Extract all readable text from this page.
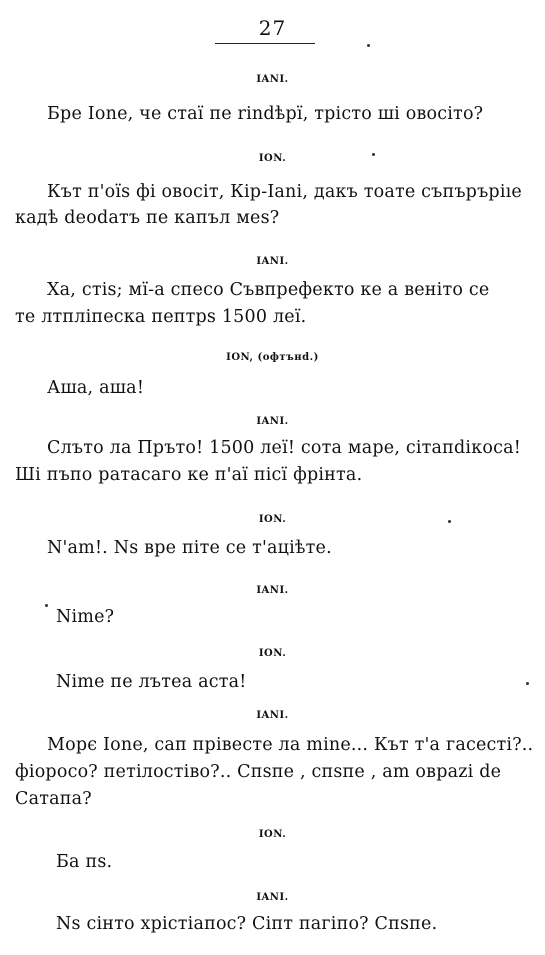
27
IANI.
Бре Ione, че стаї пе rindѣрї, трісто ші овосіто?
ION.
Кът п'оїѕ фі овосіт, Кір-Iani, дакъ тоате съпъръріıе
кадѣ deodатъ пе капъл меѕ?
IANI.
Ха, стіѕ; мї-а спесо Съвпрефекто ке а веніто се
те лтпліпеска пептрѕ 1500 леї.
ION, (офтънd.)
Аша, аша!
IANI.
Слъто ла Пръто! 1500 леї! сота маре, сітапdікоса!
Ші пъпо ратасаго ке п'аї пісї фрінта.
ION.
N'am!. Nѕ вре піте се т'аціѣте.
IANI.
Nime?
ION.
Nime пе лътеа аста!
IANI.
Морє Ione, сап прівесте ла mine... Кът т'а гасесті?..
фіоросо? петілостіво?.. Спѕпе , спѕпе , am овраzі de
Сатапа?
ION.
Ба пѕ.
IANI.
Nѕ сінто хрістіапос? Сіпт пагіпо? Спѕпе.
